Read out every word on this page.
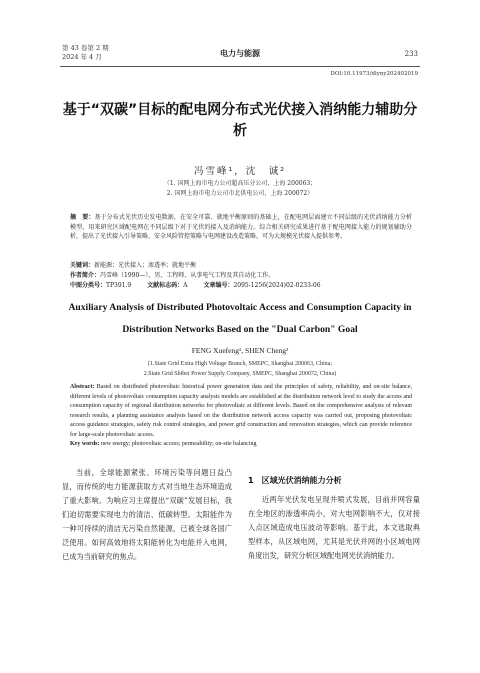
第 43 卷第 2 期
2024 年 4 月	电力与能源	233
DOI:10.11973/dlyny202402019
基于“双碳”目标的配电网分布式光伏接入消纳能力辅助分析
冯雪峰¹，沈　诚²
（1. 国网上海市电力公司超高压分公司，上海 200063；
2. 国网上海市电力公司市北供电公司，上海 200072）
摘　要：基于分布式光伏历史发电数据，在安全可靠、就地平衡原则的基础上，在配电网层面建立不同层级的光伏消纳能力分析模型，用来研究区域配电网在不同层级下对于光伏的接入及消纳能力。综合相关研究成果进行基于配电网接入能力的规划辅助分析，提出了光伏接入引导策略、安全风险管控策略与电网建设改造策略，可为大规模光伏接入提供参考。
关键词：新能源；光伏接入；渗透率；就地平衡
作者简介：冯雪峰（1990—），男，工程师，从事电气工程及其自动化工作。
中图分类号：TP391.9	文献标志码：A	文章编号：2095-1256(2024)02-0233-06
Auxiliary Analysis of Distributed Photovoltaic Access and Consumption Capacity in Distribution Networks Based on the "Dual Carbon" Goal
FENG Xuefeng¹, SHEN Cheng²
(1.State Grid Extra High Voltage Branch, SMEPC, Shanghai 200063, China;
2.State Grid Shibei Power Supply Company, SMEPC, Shanghai 200072, China)
Abstract: Based on distributed photovoltaic historical power generation data and the principles of safety, reliability, and on-site balance, different levels of photovoltaic consumption capacity analysis models are established at the distribution network level to study the access and consumption capacity of regional distribution networks for photovoltaic at different levels. Based on the comprehensive analysis of relevant research results, a planning assistance analysis based on the distribution network access capacity was carried out, proposing photovoltaic access guidance strategies, safety risk control strategies, and power grid construction and renovation strategies, which can provide reference for large-scale photovoltaic access.
Key words: new energy; photovoltaic access; permeability; on-site balancing
当前，全球能源紧张、环境污染等问题日益凸显，而传统的电力能源获取方式对当地生态环境造成了重大影响。为响应习主席提出“双碳”发展目标，我们迫切需要实现电力的清洁、低碳转型。太阳能作为一种可持续的清洁无污染自然能源，已被全球各国广泛使用。如何高效地将太阳能转化为电能并入电网，已成为当前研究的焦点。
1　区域光伏消纳能力分析
近两年光伏发电呈现井喷式发展，目前并网容量在全地区的渗透率尚小，对大电网影响不大，仅对接入点区域造成电压波动等影响。基于此，本文选取典型样本，从区域电网，尤其是光伏并网的小区域电网角度出发，研究分析区域配电网光伏消纳能力。
